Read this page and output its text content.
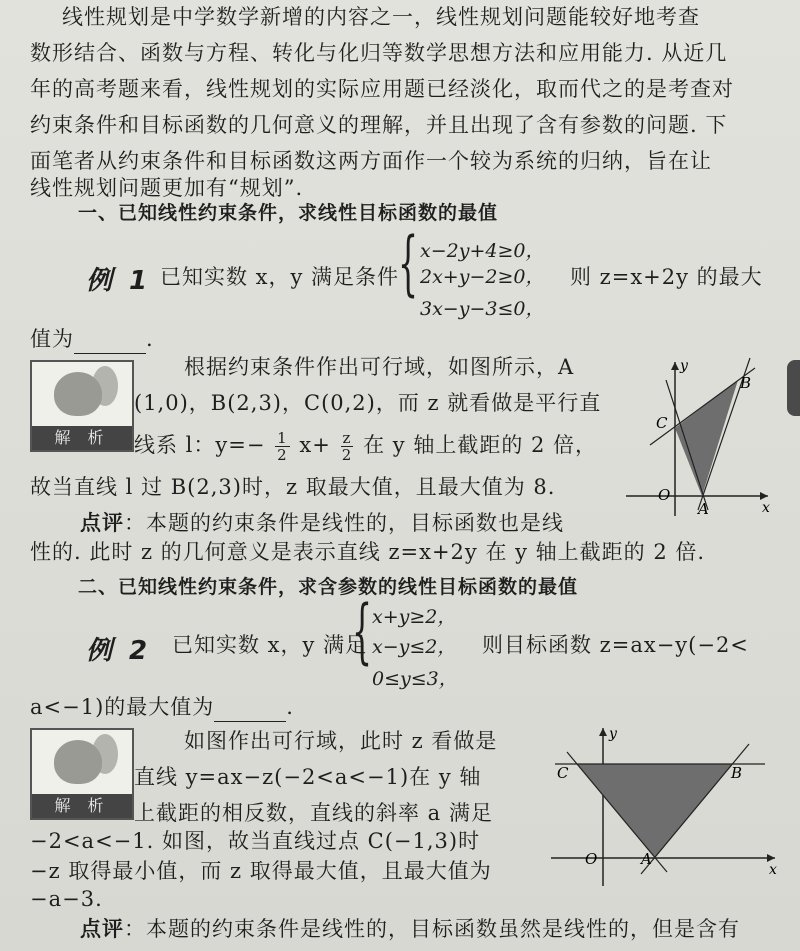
线性规划是中学数学新增的内容之一，线性规划问题能较好地考查
数形结合、函数与方程、转化与化归等数学思想方法和应用能力. 从近几
年的高考题来看，线性规划的实际应用题已经淡化，取而代之的是考查对
约束条件和目标函数的几何意义的理解，并且出现了含有参数的问题. 下
面笔者从约束条件和目标函数这两方面作一个较为系统的归纳，旨在让
线性规划问题更加有“规划”.
一、已知线性约束条件，求线性目标函数的最值
例 1 已知实数 x，y 满足条件
{ x−2y+4≥0，
2x+y−2≥0，
3x−y−3≤0，
则 z=x+2y 的最大
值为	.
解 析
根据约束条件作出可行域，如图所示，A
(1,0)，B(2,3)，C(0,2)，而 z 就看做是平行直
线系 l：$y=- \frac{1}{2} x+ \frac{z}{2}$ 在 y 轴上截距的 2 倍，
故当直线 l 过 B(2,3)时，z 取最大值，且最大值为 8.
y
x
B
C
O
A
点评：本题的约束条件是线性的，目标函数也是线
性的. 此时 z 的几何意义是表示直线 z=x+2y 在 y 轴上截距的 2 倍.
二、已知线性约束条件，求含参数的线性目标函数的最值
例 2 已知实数 x，y 满足
{ x+y≥2，
x−y≤2，
0≤y≤3，
则目标函数 z=ax−y(−2<
a<−1)的最大值为	.
解 析
如图作出可行域，此时 z 看做是
直线 y=ax−z(−2<a<−1)在 y 轴
上截距的相反数，直线的斜率 a 满足
−2<a<−1. 如图，故当直线过点 C(−1,3)时
−z 取得最小值，而 z 取得最大值，且最大值为
−a−3.
y
x
B
C
O	A
点评：本题的约束条件是线性的，目标函数虽然是线性的，但是含有
